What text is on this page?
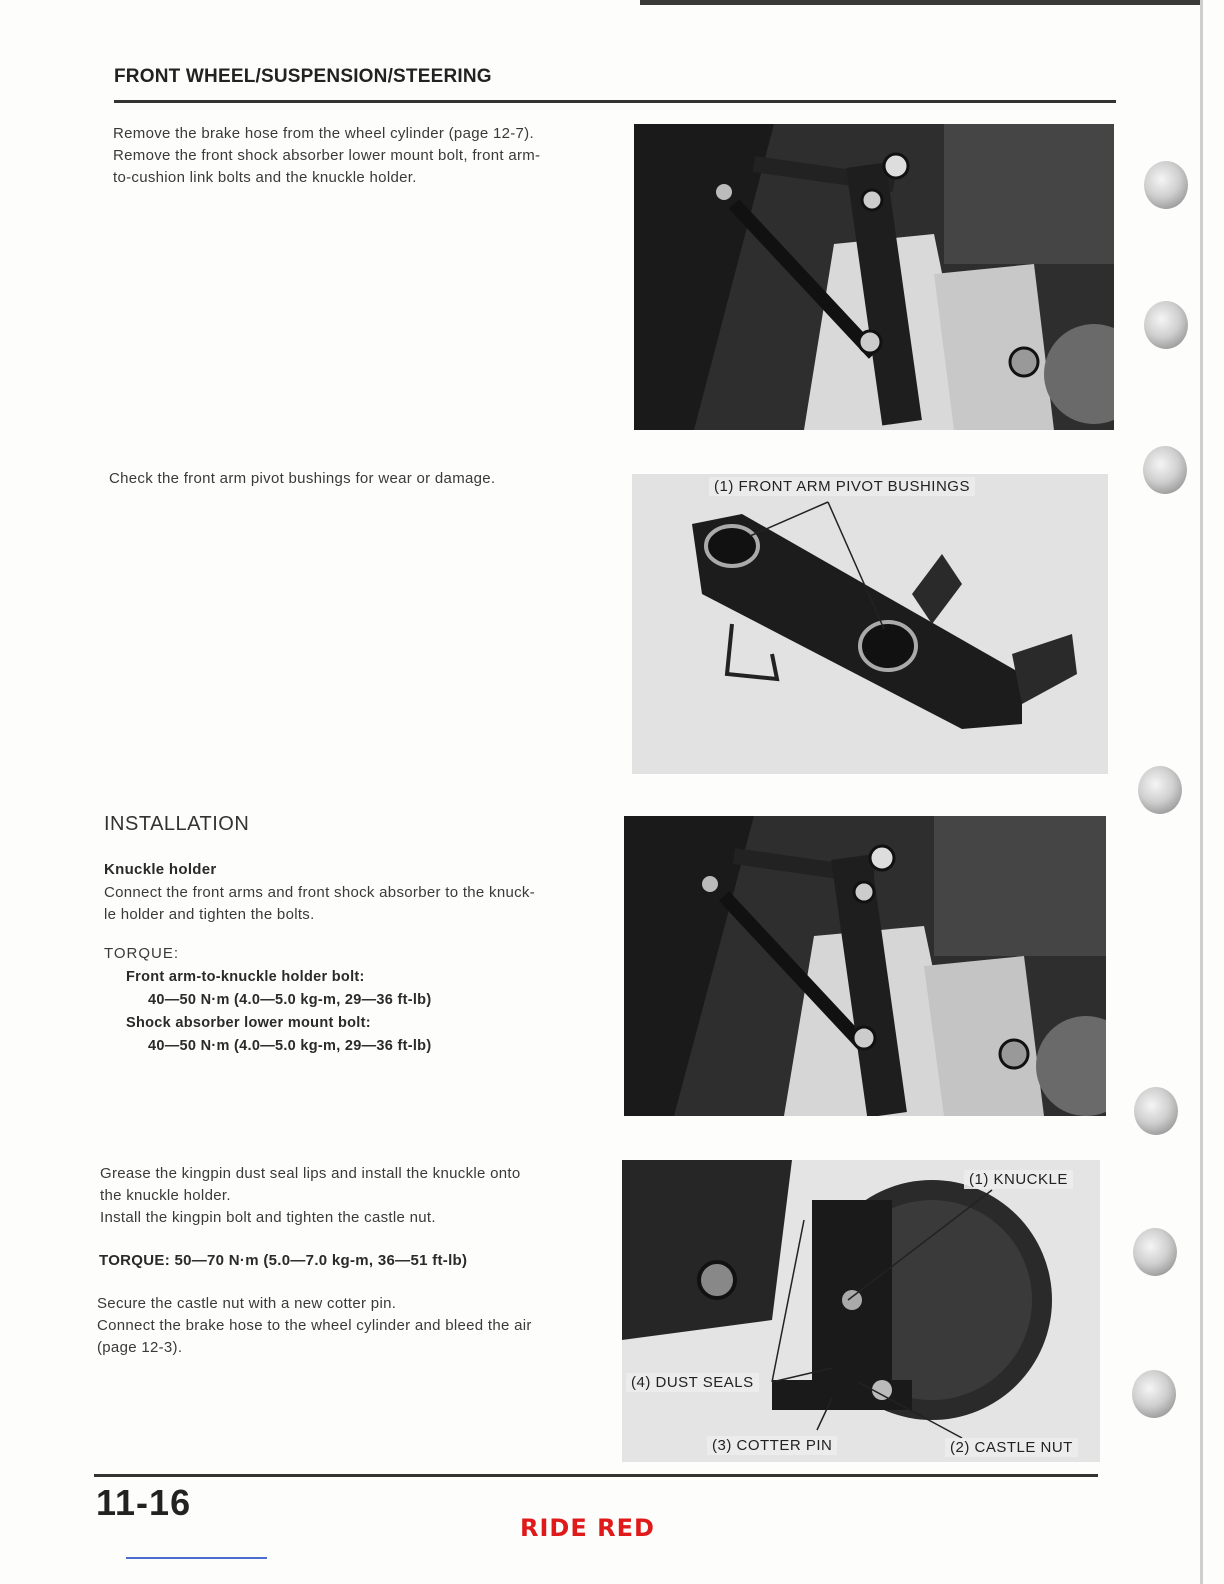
FRONT WHEEL/SUSPENSION/STEERING
Remove the brake hose from the wheel cylinder (page 12-7).
Remove the front shock absorber lower mount bolt, front arm-
to-cushion link bolts and the knuckle holder.
Check the front arm pivot bushings for wear or damage.	(1) FRONT ARM PIVOT BUSHINGS
INSTALLATION
Knuckle holder
Connect the front arms and front shock absorber to the knuck-
le holder and tighten the bolts.
TORQUE:
Front arm-to-knuckle holder bolt:
40—50 N·m (4.0—5.0 kg-m, 29—36 ft-lb)
Shock absorber lower mount bolt:
40—50 N·m (4.0—5.0 kg-m, 29—36 ft-lb)
Grease the kingpin dust seal lips and install the knuckle onto
the knuckle holder.
Install the kingpin bolt and tighten the castle nut.
TORQUE: 50—70 N·m (5.0—7.0 kg-m, 36—51 ft-lb)
Secure the castle nut with a new cotter pin.
Connect the brake hose to the wheel cylinder and bleed the air
(page 12-3).
(1) KNUCKLE
(4) DUST SEALS
(3) COTTER PIN	(2) CASTLE NUT
11-16
RIDE RED
